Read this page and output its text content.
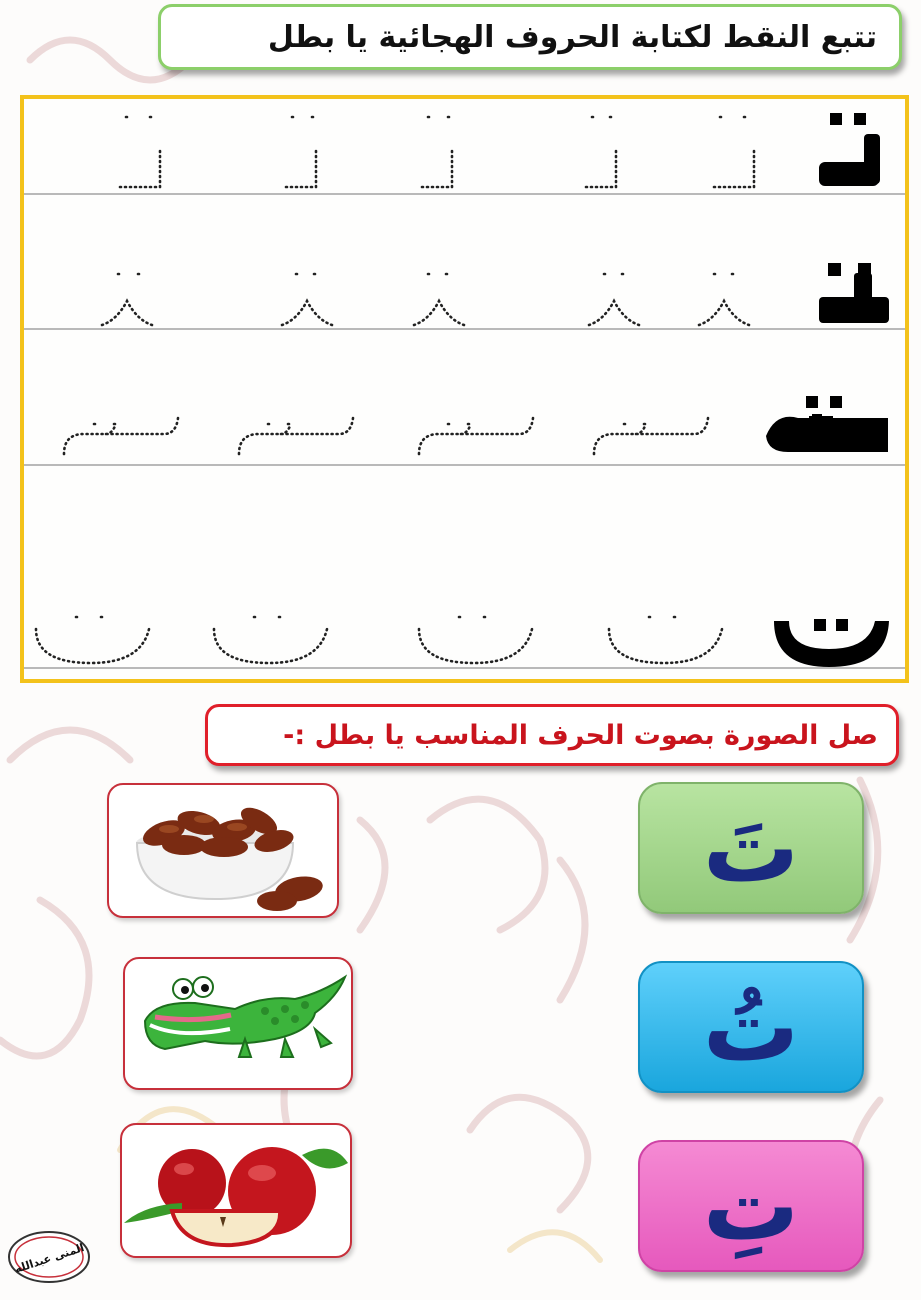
تتبع النقط لكتابة الحروف الهجائية يا بطل
صل الصورة بصوت الحرف المناسب يا بطل :-
تَ
تُ
تِ
المنى عبدالله
